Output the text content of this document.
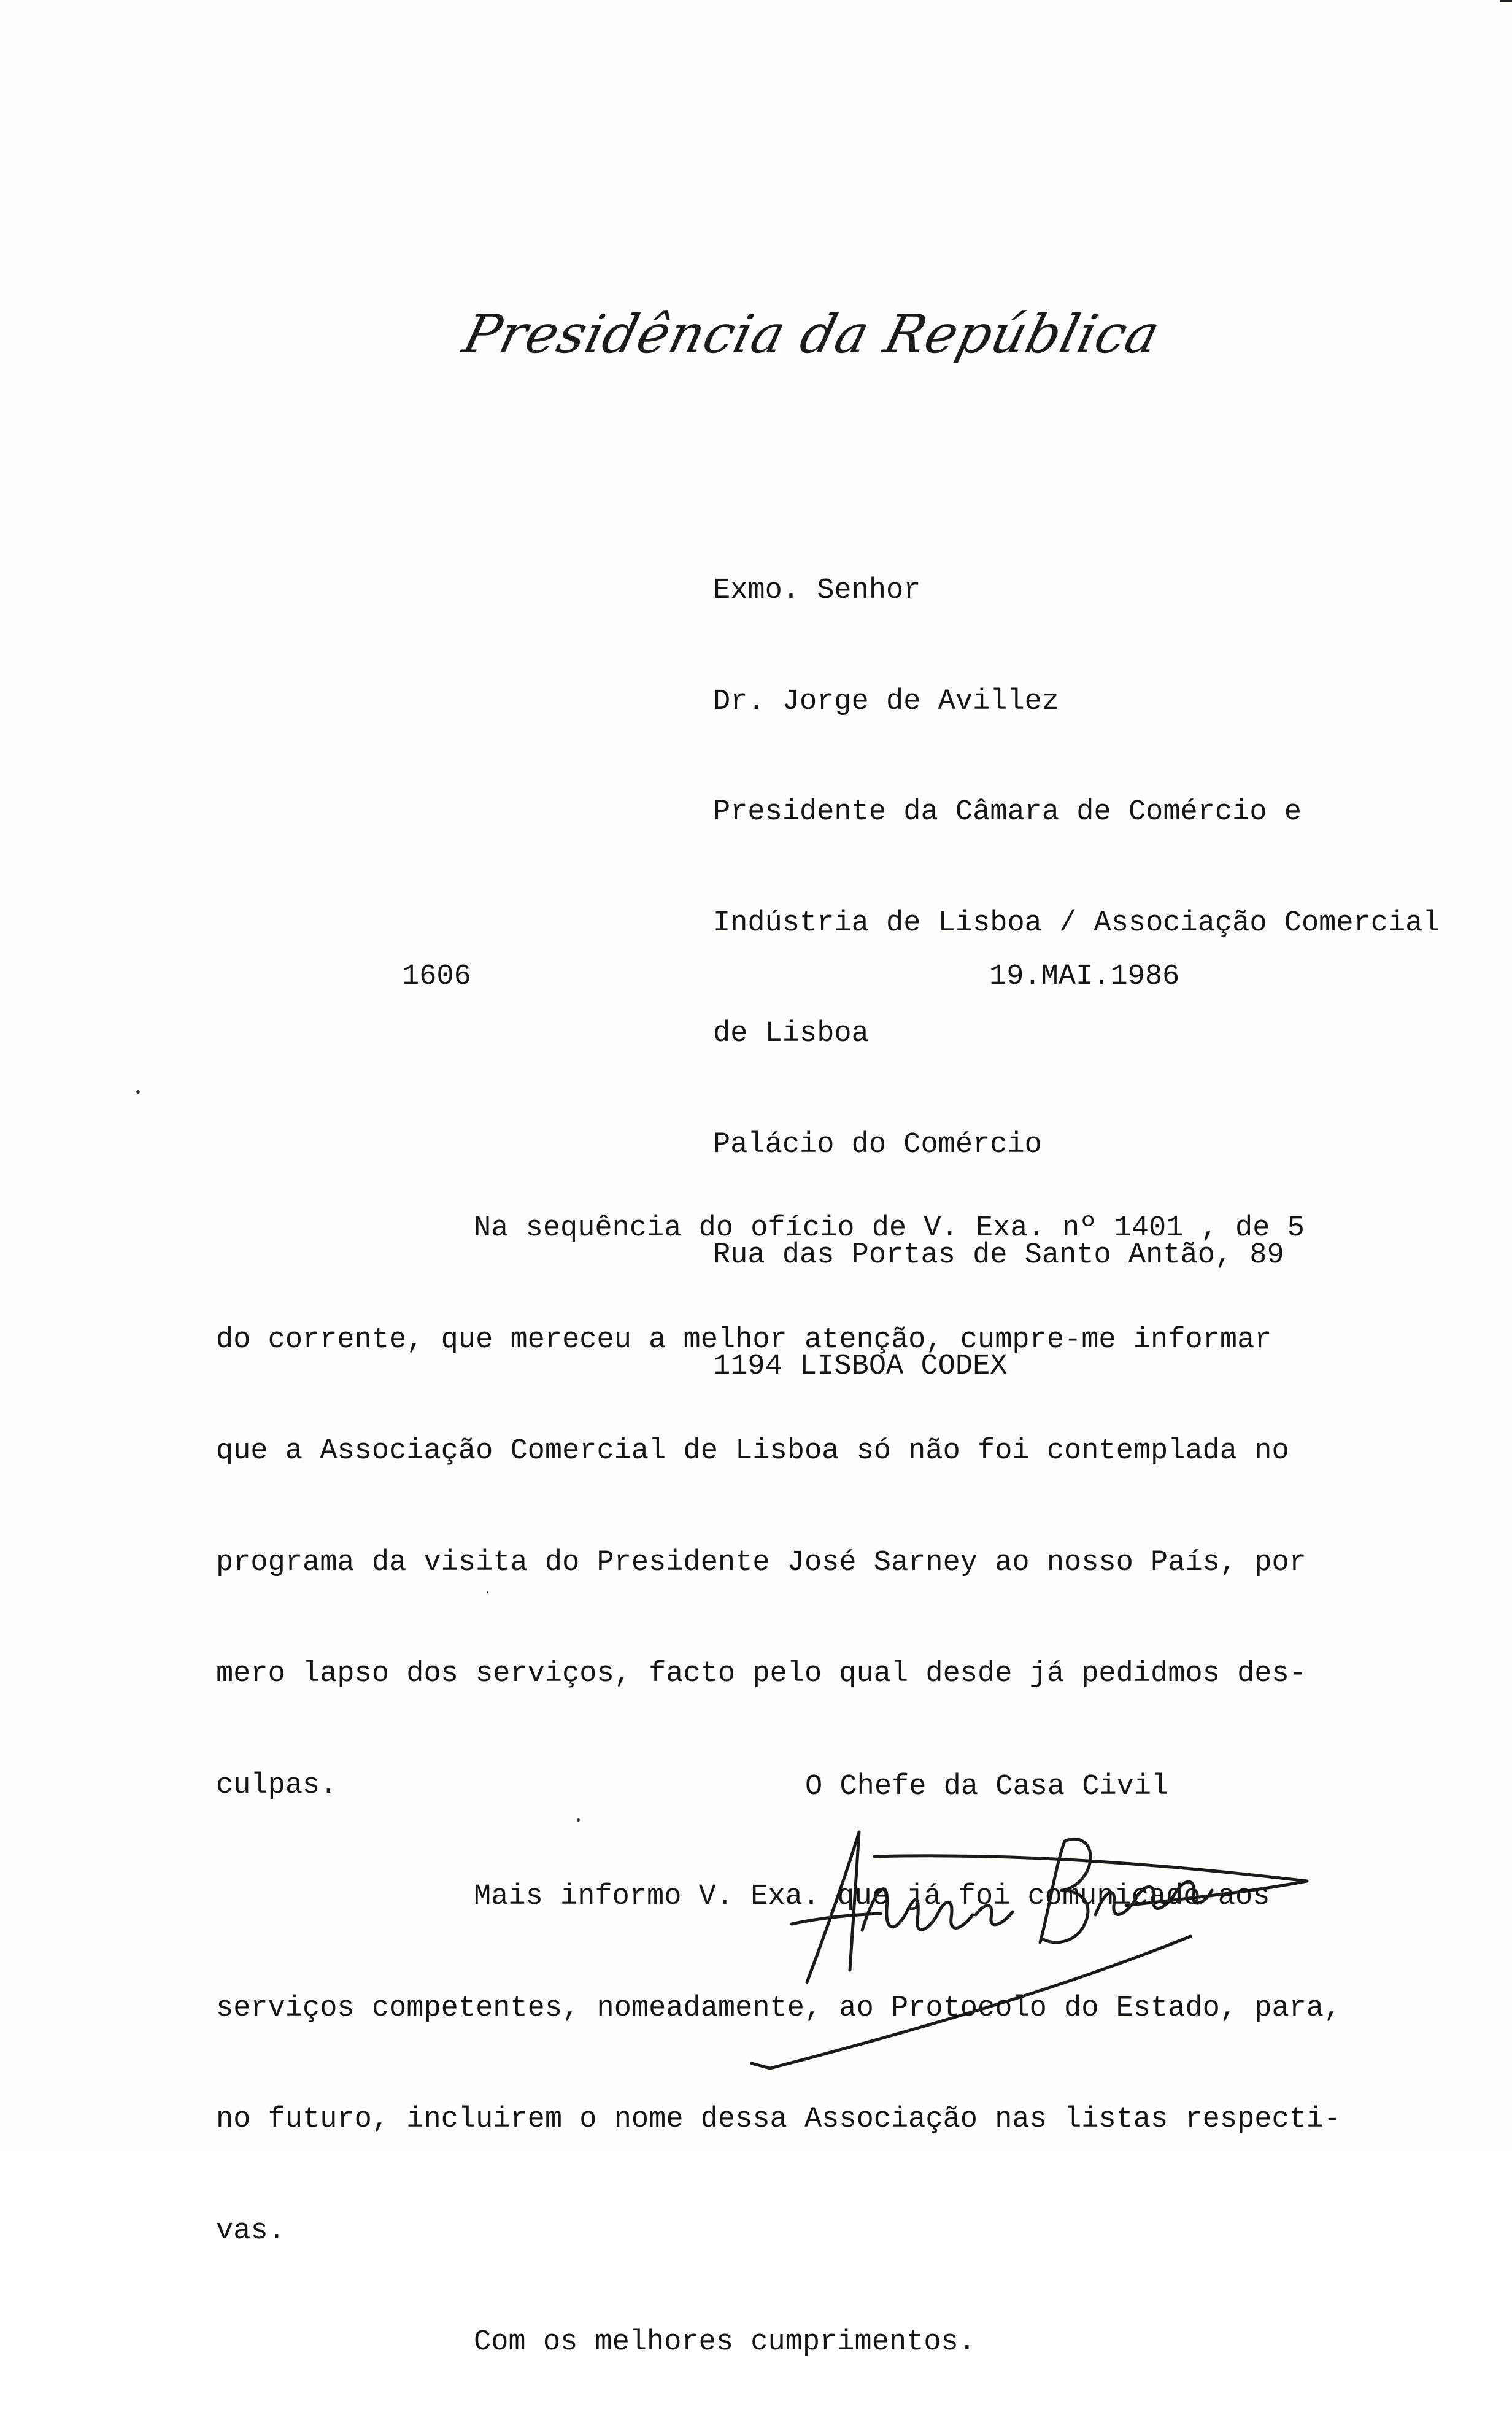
Presidência da República

Exmo. Senhor

Dr. Jorge de Avillez

Presidente da Câmara de Comércio e

Indústria de Lisboa / Associação Comercial

de Lisboa

Palácio do Comércio

Rua das Portas de Santo Antão, 89

1194 LISBOA CODEX

1606	19.MAI.1986

Na sequência do ofício de V. Exa. nº 1401 , de 5

do corrente, que mereceu a melhor atenção, cumpre-me informar

que a Associação Comercial de Lisboa só não foi contemplada no

programa da visita do Presidente José Sarney ao nosso País, por

mero lapso dos serviços, facto pelo qual desde já pedidmos des-

culpas.

Mais informo V. Exa. que já foi comunicado aos

serviços competentes, nomeadamente, ao Protocolo do Estado, para,

no futuro, incluirem o nome dessa Associação nas listas respecti-

vas.

Com os melhores cumprimentos.

O Chefe da Casa Civil
